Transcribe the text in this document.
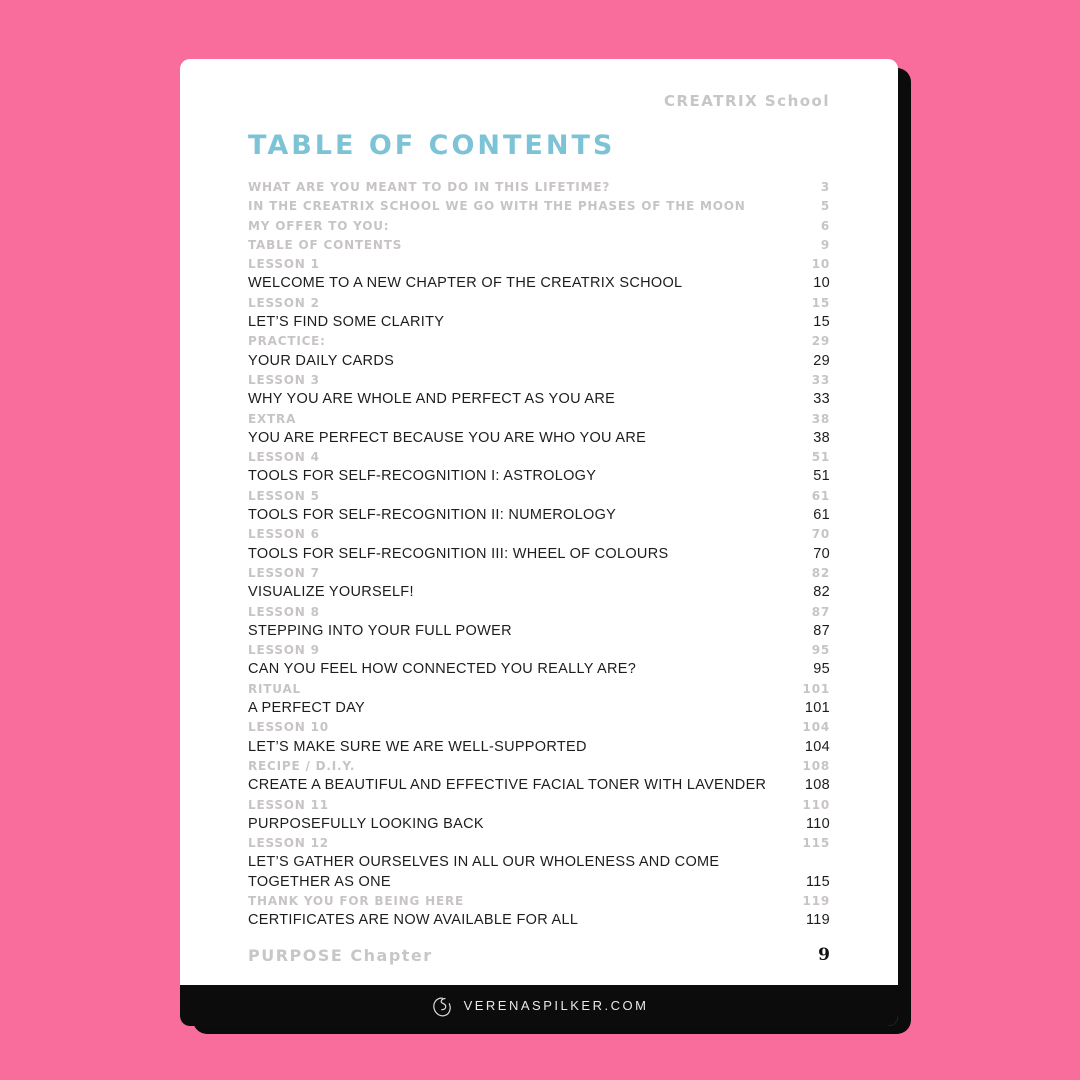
CREATRIX School
TABLE OF CONTENTS
WHAT ARE YOU MEANT TO DO IN THIS LIFETIME?	3
IN THE CREATRIX SCHOOL WE GO WITH THE PHASES OF THE MOON	5
MY OFFER TO YOU:	6
TABLE OF CONTENTS	9
LESSON 1	10
WELCOME TO A NEW CHAPTER OF THE CREATRIX SCHOOL	10
LESSON 2	15
LET’S FIND SOME CLARITY	15
PRACTICE:	29
YOUR DAILY CARDS	29
LESSON 3	33
WHY YOU ARE WHOLE AND PERFECT AS YOU ARE	33
EXTRA	38
YOU ARE PERFECT BECAUSE YOU ARE WHO YOU ARE	38
LESSON 4	51
TOOLS FOR SELF-RECOGNITION I: ASTROLOGY	51
LESSON 5	61
TOOLS FOR SELF-RECOGNITION II: NUMEROLOGY	61
LESSON 6	70
TOOLS FOR SELF-RECOGNITION III: WHEEL OF COLOURS	70
LESSON 7	82
VISUALIZE YOURSELF!	82
LESSON 8	87
STEPPING INTO YOUR FULL POWER	87
LESSON 9	95
CAN YOU FEEL HOW CONNECTED YOU REALLY ARE?	95
RITUAL	101
A PERFECT DAY	101
LESSON 10	104
LET’S MAKE SURE WE ARE WELL-SUPPORTED	104
RECIPE / D.I.Y.	108
CREATE A BEAUTIFUL AND EFFECTIVE FACIAL TONER WITH LAVENDER	108
LESSON 11	110
PURPOSEFULLY LOOKING BACK	110
LESSON 12	115
LET’S GATHER OURSELVES IN ALL OUR WHOLENESS AND COME TOGETHER AS ONE	115
THANK YOU FOR BEING HERE	119
CERTIFICATES ARE NOW AVAILABLE FOR ALL	119
PURPOSE Chapter	9
VERENASPILKER.COM
